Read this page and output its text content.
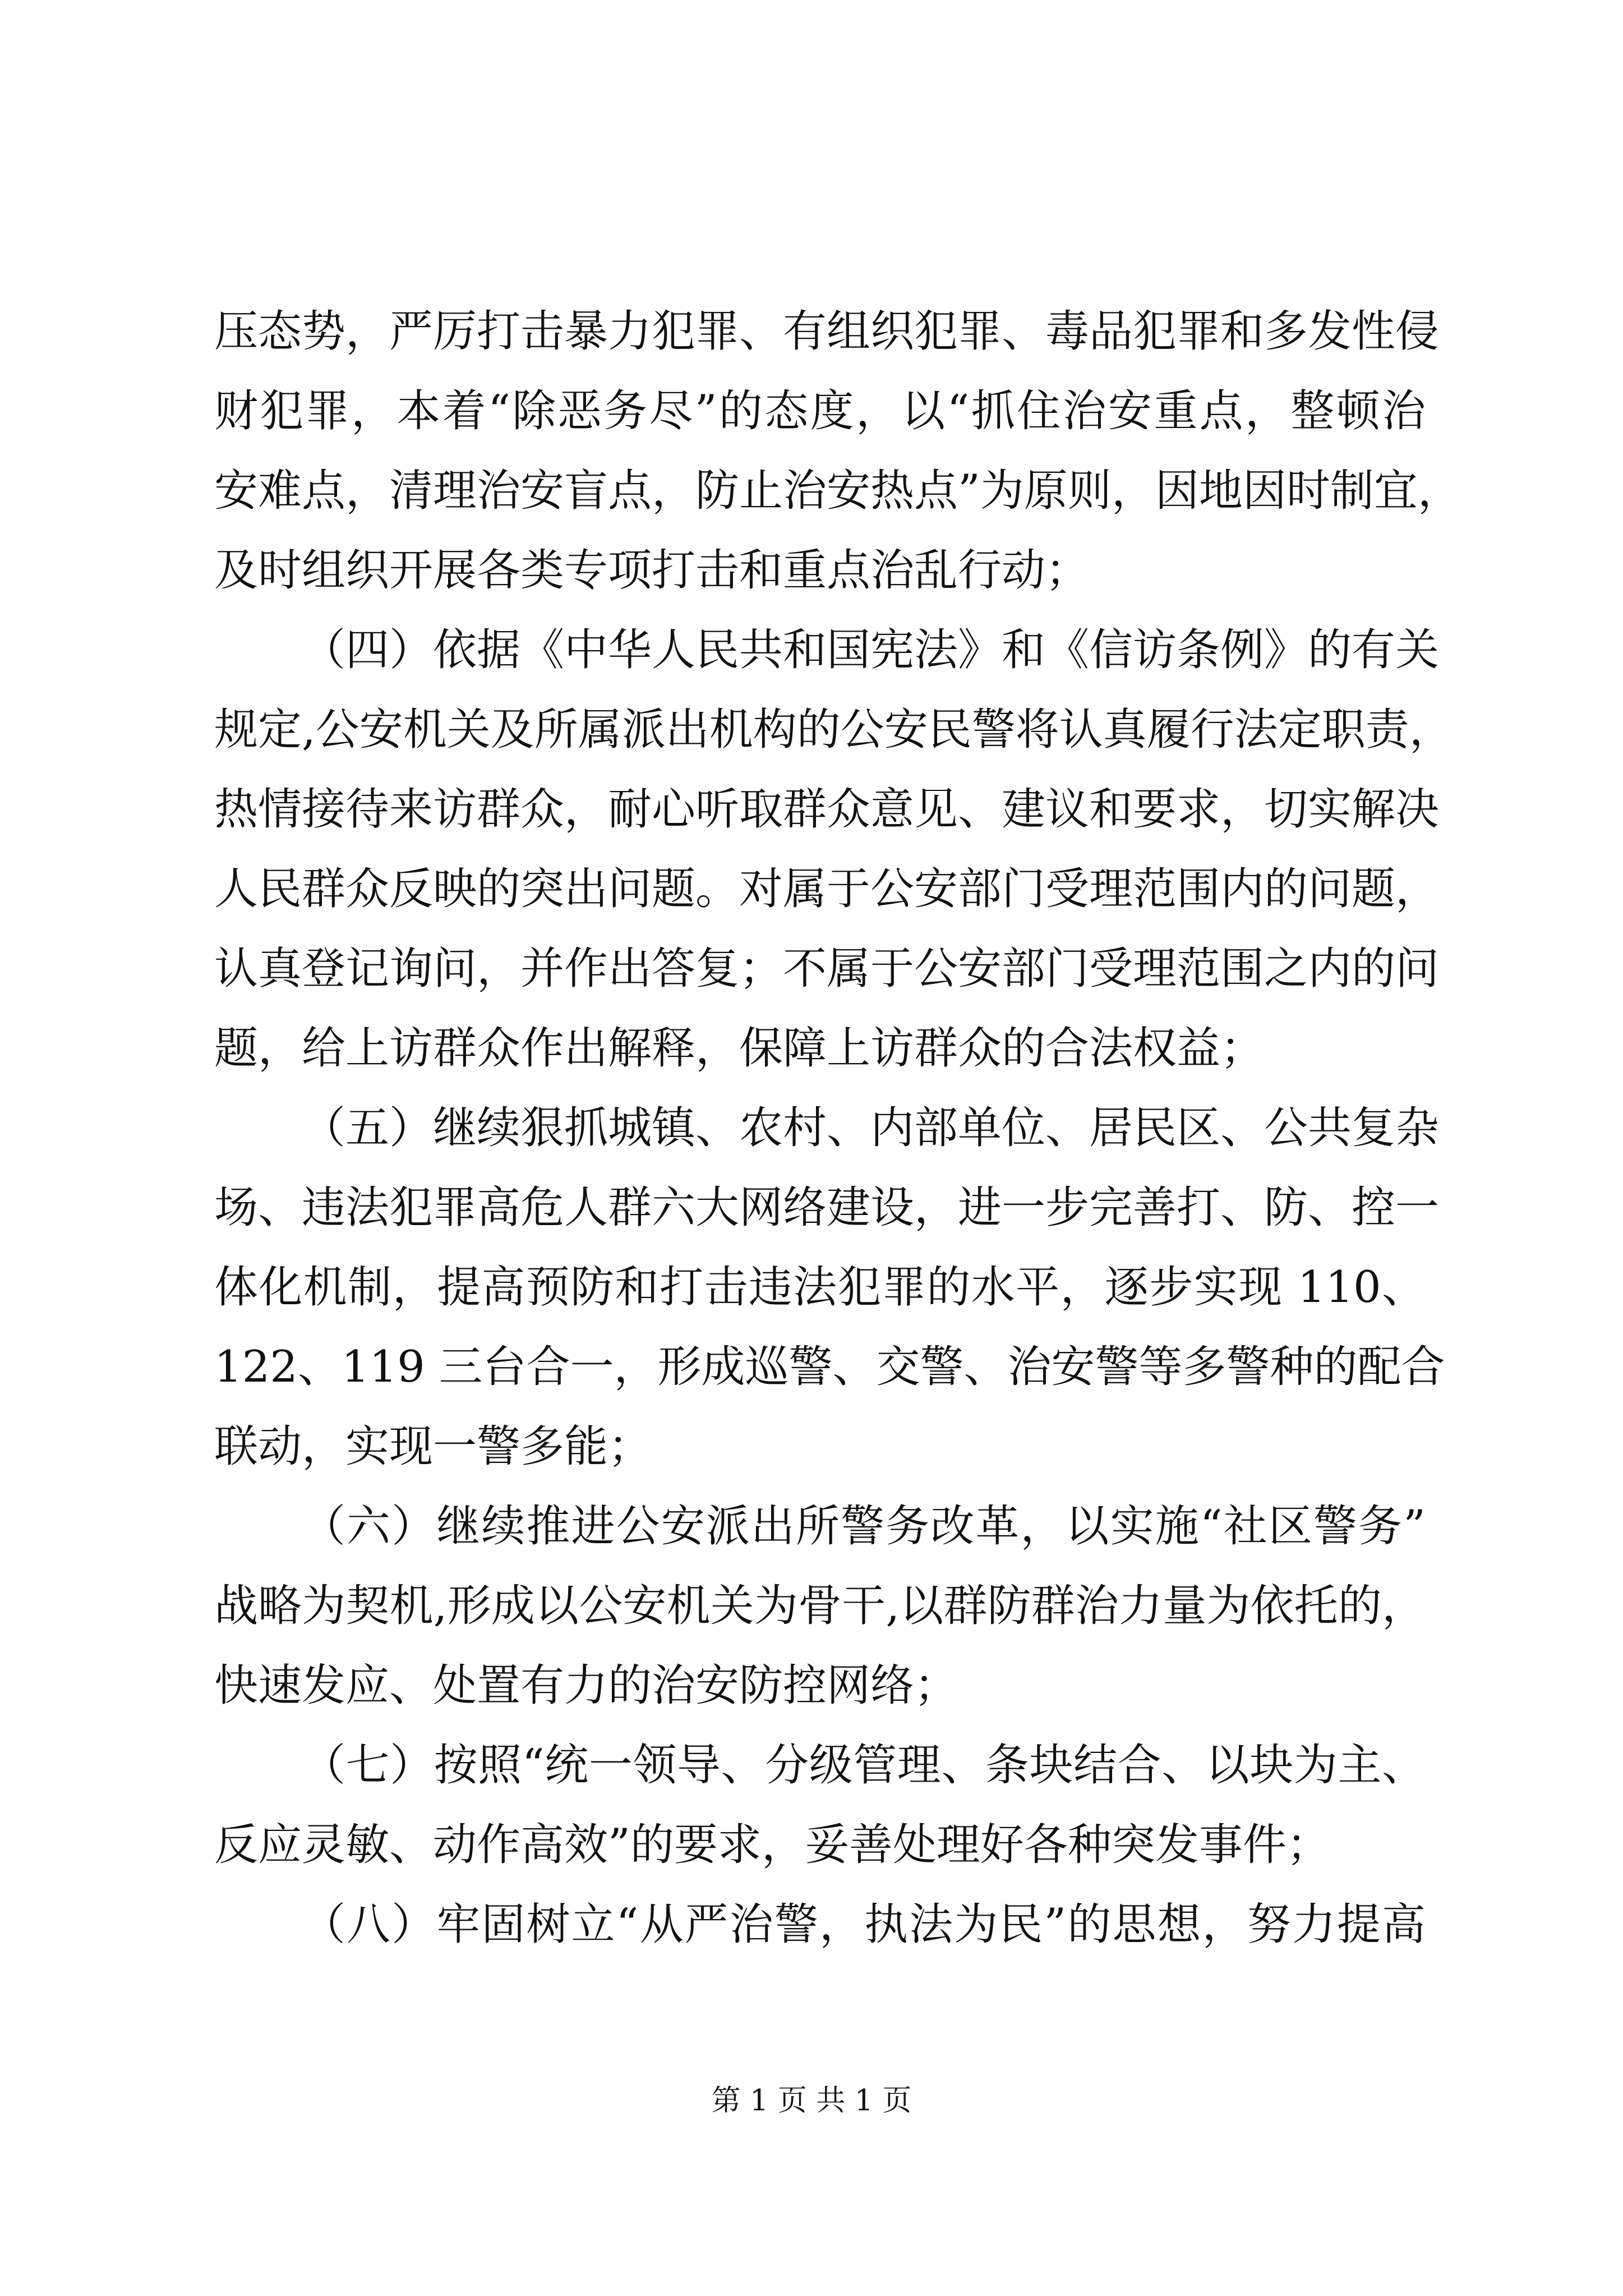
压态势，严厉打击暴力犯罪、有组织犯罪、毒品犯罪和多发性侵
财犯罪，本着“除恶务尽”的态度，以“抓住治安重点，整顿治
安难点，清理治安盲点，防止治安热点”为原则，因地因时制宜，
及时组织开展各类专项打击和重点治乱行动；
（四）依据《中华人民共和国宪法》和《信访条例》的有关
规定,公安机关及所属派出机构的公安民警将认真履行法定职责，
热情接待来访群众，耐心听取群众意见、建议和要求，切实解决
人民群众反映的突出问题。对属于公安部门受理范围内的问题，
认真登记询问，并作出答复；不属于公安部门受理范围之内的问
题，给上访群众作出解释，保障上访群众的合法权益；
（五）继续狠抓城镇、农村、内部单位、居民区、公共复杂
场、违法犯罪高危人群六大网络建设，进一步完善打、防、控一
体化机制，提高预防和打击违法犯罪的水平，逐步实现 110、
122、119 三台合一，形成巡警、交警、治安警等多警种的配合
联动，实现一警多能；
（六）继续推进公安派出所警务改革，以实施“社区警务”
战略为契机,形成以公安机关为骨干,以群防群治力量为依托的，
快速发应、处置有力的治安防控网络；
（七）按照“统一领导、分级管理、条块结合、以块为主、
反应灵敏、动作高效”的要求，妥善处理好各种突发事件；
（八）牢固树立“从严治警，执法为民”的思想，努力提高
第 1 页 共 1 页
